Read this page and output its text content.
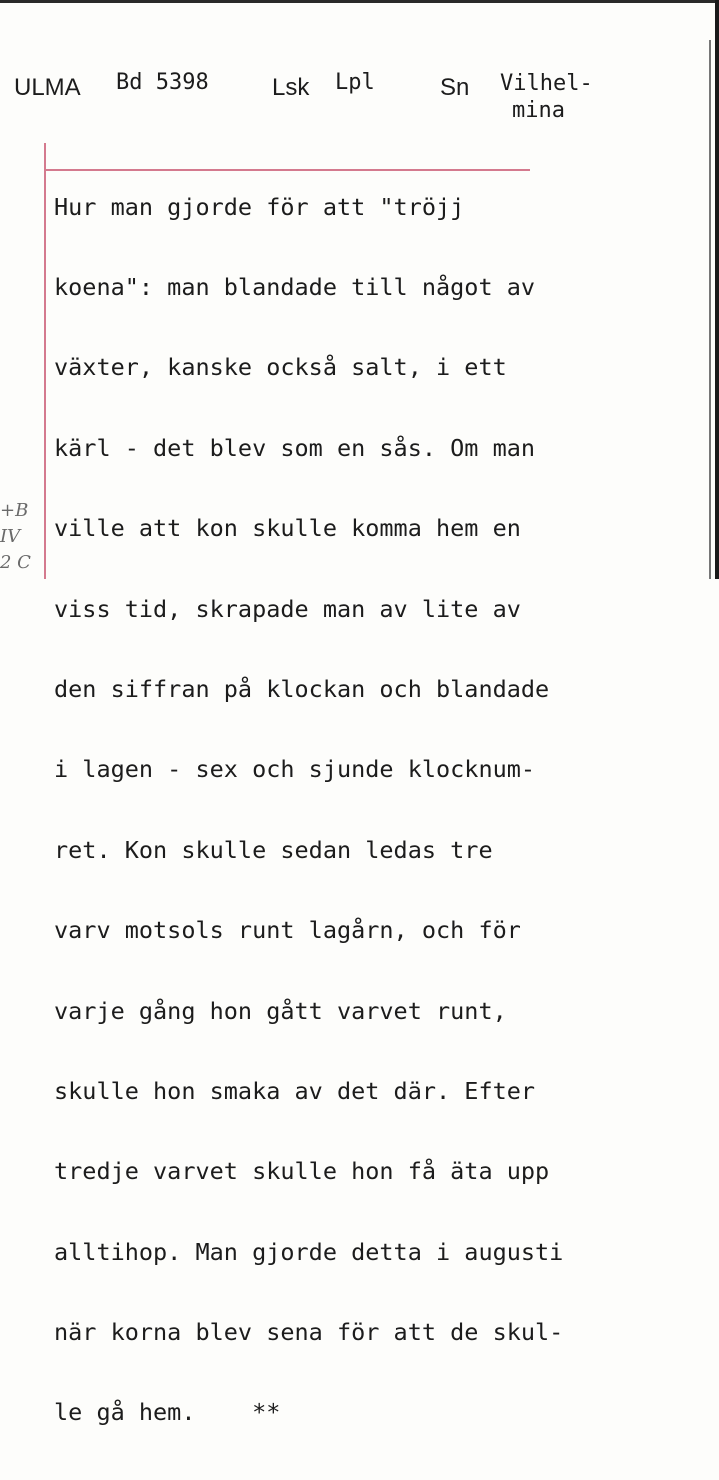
ULMA Bd 5398	Lsk Lpl	Sn Vilhel-
mina

Hur man gjorde för att "tröjj

koena": man blandade till något av

växter, kanske också salt, i ett

kärl - det blev som en sås. Om man

ville att kon skulle komma hem en

viss tid, skrapade man av lite av

den siffran på klockan och blandade

i lagen - sex och sjunde klocknum-

ret. Kon skulle sedan ledas tre

varv motsols runt lagårn, och för

varje gång hon gått varvet runt,

skulle hon smaka av det där. Efter

tredje varvet skulle hon få äta upp

alltihop. Man gjorde detta i augusti

när korna blev sena för att de skul-

le gå hem.    **

+B
IV
2 C
